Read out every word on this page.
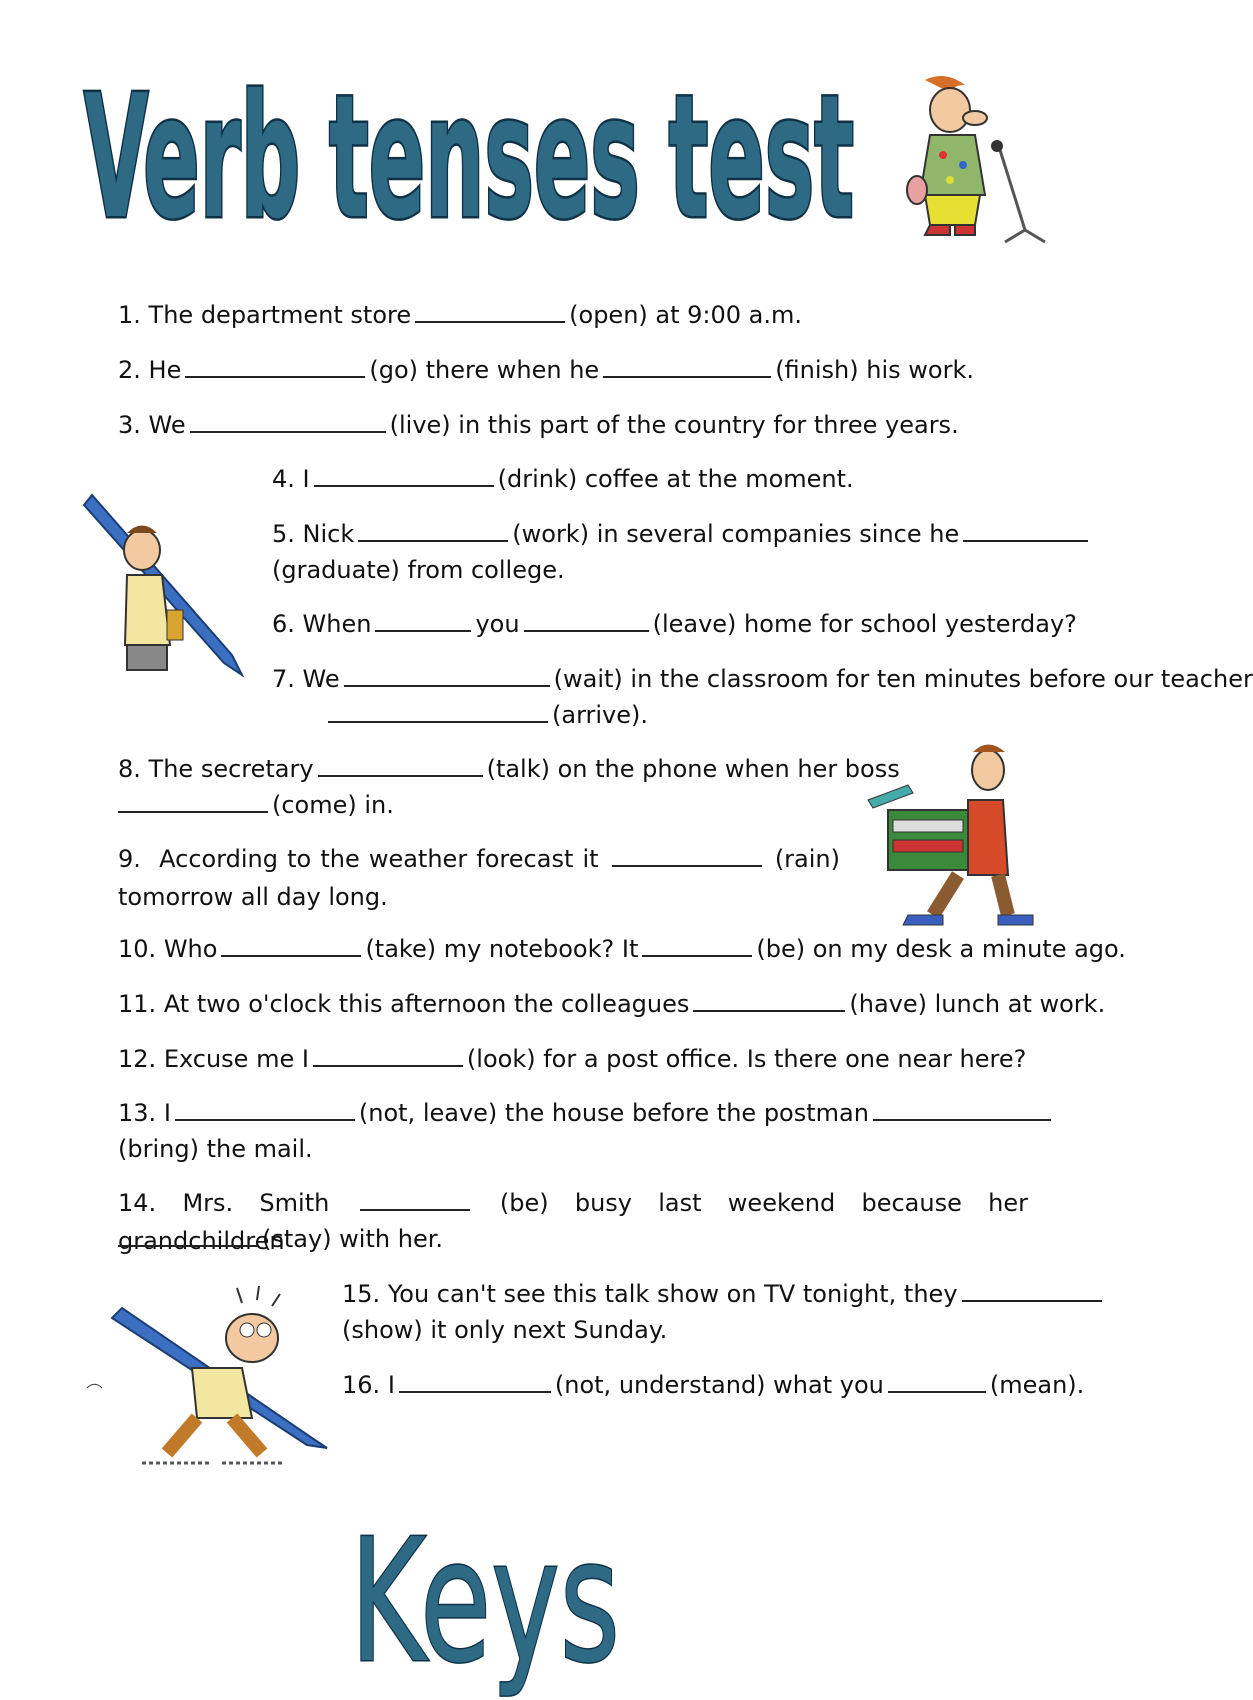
Verb tenses test
1. The department store	(open) at 9:00 a.m.
2. He	(go) there when he	(finish) his work.
3. We	(live) in this part of the country for three years.
4. I	(drink) coffee at the moment.
5. Nick	(work) in several companies since he
(graduate) from college.
6. When	you	(leave) home for school yesterday?
7. We	(wait) in the classroom for ten minutes before our teacher
(arrive).
8. The secretary	(talk) on the phone when her boss
(come) in.
9. According to the weather forecast it	(rain) tomorrow all day long.
10. Who	(take) my notebook? It	(be) on my desk a minute ago.
11. At two o'clock this afternoon the colleagues	(have) lunch at work.
12. Excuse me I	(look) for a post office. Is there one near here?
13. I	(not, leave) the house before the postman
(bring) the mail.
14. Mrs. Smith	(be) busy last weekend because her grandchildren
(stay) with her.
15. You can't see this talk show on TV tonight, they
(show) it only next Sunday.
16. I	(not, understand) what you	(mean).
Keys
